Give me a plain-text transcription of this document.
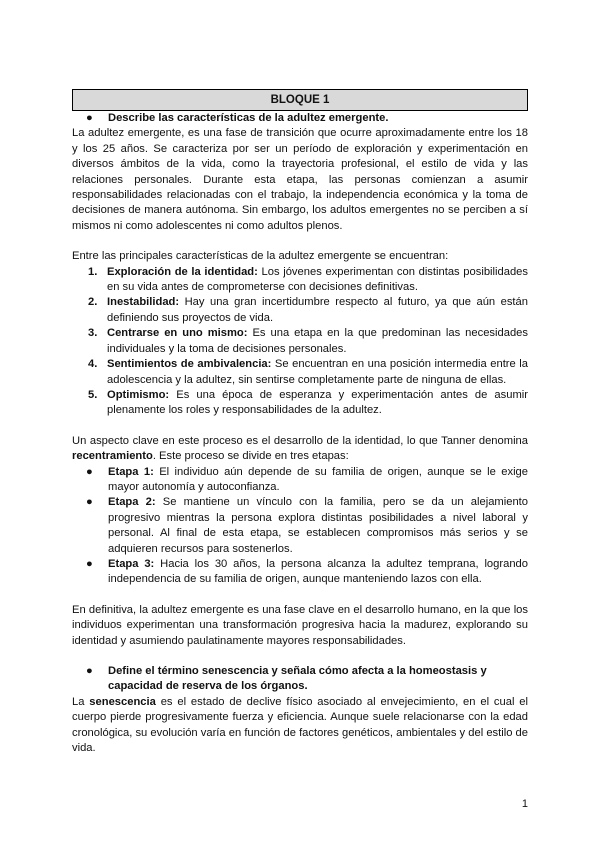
BLOQUE 1
●	Describe las características de la adultez emergente.

La adultez emergente, es una fase de transición que ocurre aproximadamente entre los 18 y los 25 años. Se caracteriza por ser un período de exploración y experimentación en diversos ámbitos de la vida, como la trayectoria profesional, el estilo de vida y las relaciones personales. Durante esta etapa, las personas comienzan a asumir responsabilidades relacionadas con el trabajo, la independencia económica y la toma de decisiones de manera autónoma. Sin embargo, los adultos emergentes no se perciben a sí mismos ni como adolescentes ni como adultos plenos.

Entre las principales características de la adultez emergente se encuentran:

1. Exploración de la identidad: Los jóvenes experimentan con distintas posibilidades en su vida antes de comprometerse con decisiones definitivas.
2. Inestabilidad: Hay una gran incertidumbre respecto al futuro, ya que aún están definiendo sus proyectos de vida.
3. Centrarse en uno mismo: Es una etapa en la que predominan las necesidades individuales y la toma de decisiones personales.
4. Sentimientos de ambivalencia: Se encuentran en una posición intermedia entre la adolescencia y la adultez, sin sentirse completamente parte de ninguna de ellas.
5. Optimismo: Es una época de esperanza y experimentación antes de asumir plenamente los roles y responsabilidades de la adultez.

Un aspecto clave en este proceso es el desarrollo de la identidad, lo que Tanner denomina recentramiento. Este proceso se divide en tres etapas:

●	Etapa 1: El individuo aún depende de su familia de origen, aunque se le exige mayor autonomía y autoconfianza.
●	Etapa 2: Se mantiene un vínculo con la familia, pero se da un alejamiento progresivo mientras la persona explora distintas posibilidades a nivel laboral y personal. Al final de esta etapa, se establecen compromisos más serios y se adquieren recursos para sostenerlos.
●	Etapa 3: Hacia los 30 años, la persona alcanza la adultez temprana, logrando independencia de su familia de origen, aunque manteniendo lazos con ella.

En definitiva, la adultez emergente es una fase clave en el desarrollo humano, en la que los individuos experimentan una transformación progresiva hacia la madurez, explorando su identidad y asumiendo paulatinamente mayores responsabilidades.

●	Define el término senescencia y señala cómo afecta a la homeostasis y capacidad de reserva de los órganos.

La senescencia es el estado de declive físico asociado al envejecimiento, en el cual el cuerpo pierde progresivamente fuerza y eficiencia. Aunque suele relacionarse con la edad cronológica, su evolución varía en función de factores genéticos, ambientales y del estilo de vida.

1
